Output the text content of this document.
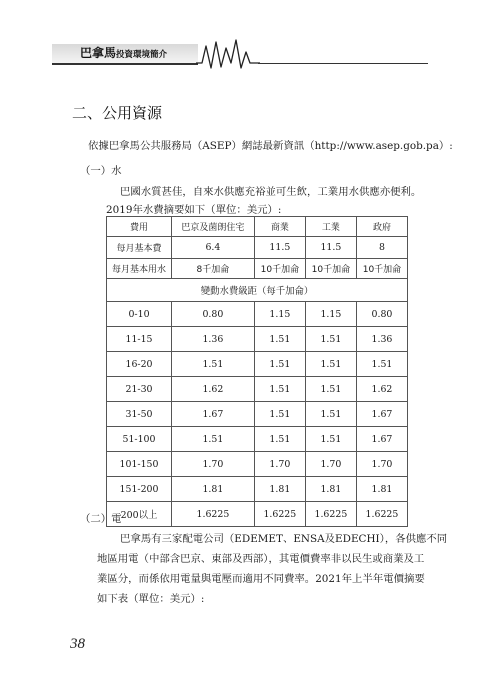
巴拿馬投資環境簡介
二、公用資源
依據巴拿馬公共服務局（ASEP）網誌最新資訊（http://www.asep.gob.pa）:
（一）水
巴國水質甚佳，自來水供應充裕並可生飲，工業用水供應亦便利。
2019年水費摘要如下（單位：美元）:
費用	巴京及菌朗住宅	商業	工業	政府
每月基本費	6.4	11.5	11.5	8
每月基本用水	8千加侖	10千加侖	10千加侖	10千加侖
變動水費級距（每千加侖）				
0-10	0.80	1.15	1.15	0.80
11-15	1.36	1.51	1.51	1.36
16-20	1.51	1.51	1.51	1.51
21-30	1.62	1.51	1.51	1.62
31-50	1.67	1.51	1.51	1.67
51-100	1.51	1.51	1.51	1.67
101-150	1.70	1.70	1.70	1.70
151-200	1.81	1.81	1.81	1.81
200以上	1.6225	1.6225	1.6225	1.6225
（二）電
巴拿馬有三家配電公司（EDEMET、ENSA及EDECHI），各供應不同
地區用電（中部含巴京、東部及西部），其電價費率非以民生或商業及工
業區分，而係依用電量與電壓而適用不同費率。2021年上半年電價摘要
如下表（單位：美元）:
38
